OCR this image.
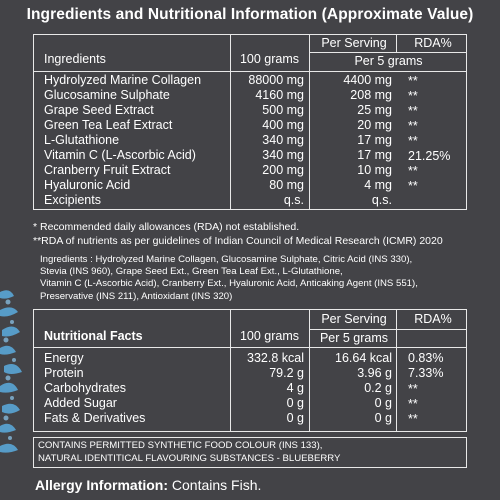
Ingredients and Nutritional Information (Approximate Value)
Ingredients	100 grams
Per Serving	RDA%
Per 5 grams
Hydrolyzed Marine Collagen	88000 mg	4400 mg **
Glucosamine Sulphate	4160 mg	208 mg **
Grape Seed Extract	500 mg	25 mg **
Green Tea Leaf Extract	400 mg	20 mg **
L-Glutathione	340 mg	17 mg **
Vitamin C (L-Ascorbic Acid)	340 mg	17 mg 21.25%
Cranberry Fruit Extract	200 mg	10 mg **
Hyaluronic Acid	80 mg	4 mg **
Excipients	q.s.	q.s.
* Recommended daily allowances (RDA) not established.
**RDA of nutrients as per guidelines of Indian Council of Medical Research (ICMR) 2020
Ingredients : Hydrolyzed Marine Collagen, Glucosamine Sulphate, Citric Acid (INS 330),
Stevia (INS 960), Grape Seed Ext., Green Tea Leaf Ext., L-Glutathione,
Vitamin C (L-Ascorbic Acid), Cranberry Ext., Hyaluronic Acid, Anticaking Agent (INS 551),
Preservative (INS 211), Antioxidant (INS 320)
Nutritional Facts	100 grams
Per Serving	RDA%
Per 5 grams
Energy	332.8 kcal	16.64 kcal 0.83%
Protein	79.2 g	3.96 g 7.33%
Carbohydrates	4 g	0.2 g **
Added Sugar	0 g	0 g **
Fats & Derivatives	0 g	0 g **
CONTAINS PERMITTED SYNTHETIC FOOD COLOUR (INS 133),
NATURAL IDENTITICAL FLAVOURING SUBSTANCES - BLUEBERRY
Allergy Information: Contains Fish.
